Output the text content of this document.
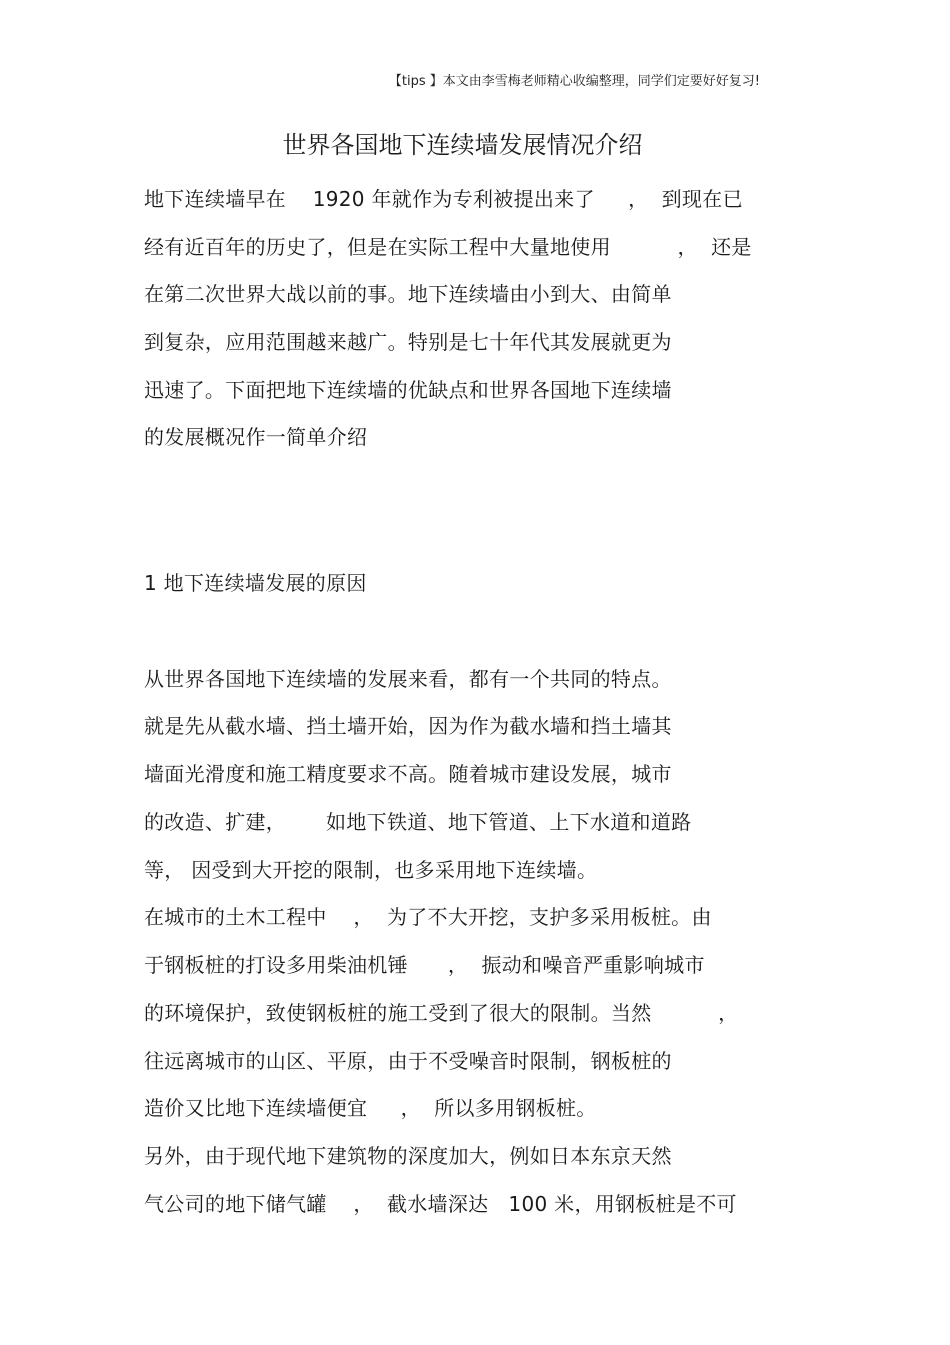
【tips 】本文由李雪梅老师精心收编整理，同学们定要好好复习!
世界各国地下连续墙发展情况介绍
地下连续墙早在    1920 年就作为专利被提出来了     ，  到现在已
经有近百年的历史了，但是在实际工程中大量地使用          ，  还是
在第二次世界大战以前的事。地下连续墙由小到大、由简单
到复杂，应用范围越来越广。特别是七十年代其发展就更为
迅速了。下面把地下连续墙的优缺点和世界各国地下连续墙
的发展概况作一简单介绍
1 地下连续墙发展的原因
从世界各国地下连续墙的发展来看，都有一个共同的特点。
就是先从截水墙、挡土墙开始，因为作为截水墙和挡土墙其
墙面光滑度和施工精度要求不高。随着城市建设发展，城市
的改造、扩建，      如地下铁道、地下管道、上下水道和道路
等， 因受到大开挖的限制，也多采用地下连续墙。
在城市的土木工程中    ，  为了不大开挖，支护多采用板桩。由
于钢板桩的打设多用柴油机锤      ，  振动和噪音严重影响城市
的环境保护，致使钢板桩的施工受到了很大的限制。当然          ，
往远离城市的山区、平原，由于不受噪音时限制，钢板桩的
造价又比地下连续墙便宜     ，  所以多用钢板桩。
另外，由于现代地下建筑物的深度加大，例如日本东京天然
气公司的地下储气罐    ，  截水墙深达   100 米，用钢板桩是不可
